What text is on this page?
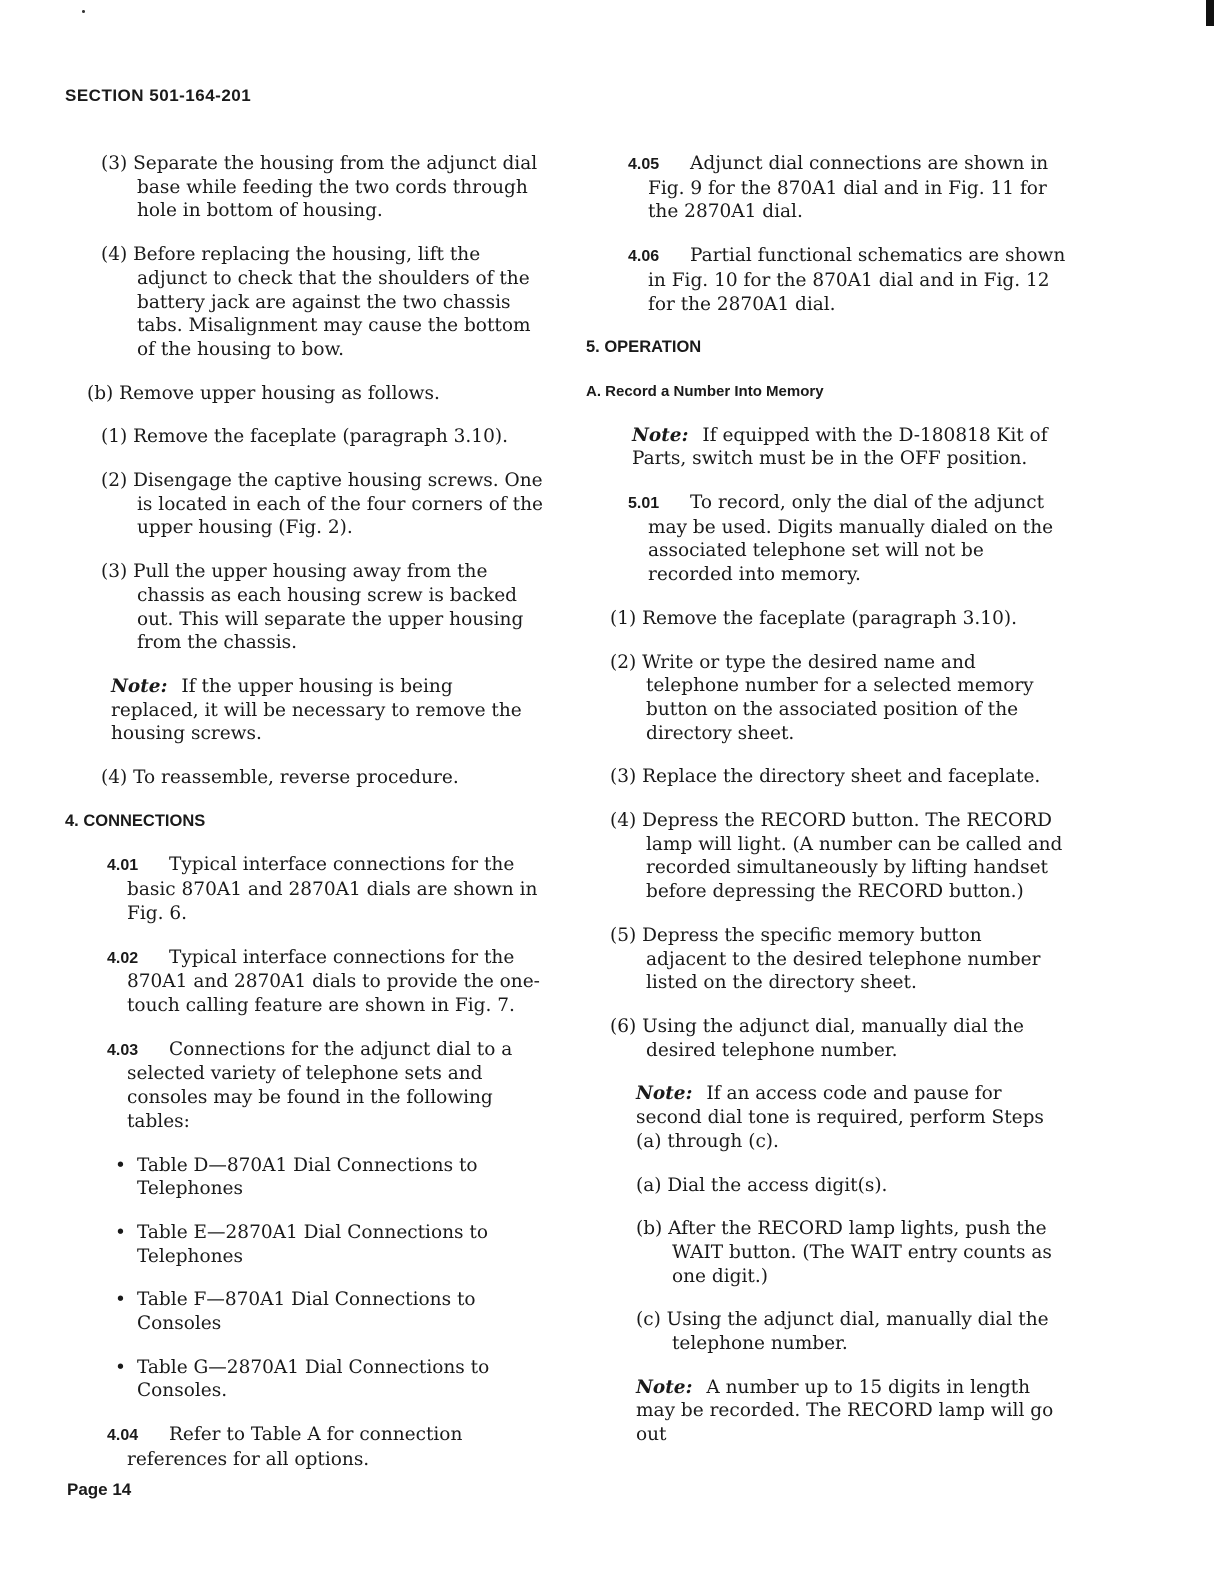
SECTION 501-164-201

(3) Separate the housing from the adjunct dial base while feeding the two cords through hole in bottom of housing.

(4) Before replacing the housing, lift the adjunct to check that the shoulders of the battery jack are against the two chassis tabs. Misalignment may cause the bottom of the housing to bow.

(b) Remove upper housing as follows.

(1) Remove the faceplate (paragraph 3.10).

(2) Disengage the captive housing screws. One is located in each of the four corners of the upper housing (Fig. 2).

(3) Pull the upper housing away from the chassis as each housing screw is backed out. This will separate the upper housing from the chassis.

Note: If the upper housing is being replaced, it will be necessary to remove the housing screws.

(4) To reassemble, reverse procedure.

4. CONNECTIONS

4.01 Typical interface connections for the basic 870A1 and 2870A1 dials are shown in Fig. 6.

4.02 Typical interface connections for the 870A1 and 2870A1 dials to provide the one-touch calling feature are shown in Fig. 7.

4.03 Connections for the adjunct dial to a selected variety of telephone sets and consoles may be found in the following tables:

• Table D—870A1 Dial Connections to Telephones

• Table E—2870A1 Dial Connections to Telephones

• Table F—870A1 Dial Connections to Consoles

• Table G—2870A1 Dial Connections to Consoles.

4.04 Refer to Table A for connection references for all options.

4.05 Adjunct dial connections are shown in Fig. 9 for the 870A1 dial and in Fig. 11 for the 2870A1 dial.

4.06 Partial functional schematics are shown in Fig. 10 for the 870A1 dial and in Fig. 12 for the 2870A1 dial.

5. OPERATION

A. Record a Number Into Memory

Note: If equipped with the D-180818 Kit of Parts, switch must be in the OFF position.

5.01 To record, only the dial of the adjunct may be used. Digits manually dialed on the associated telephone set will not be recorded into memory.

(1) Remove the faceplate (paragraph 3.10).

(2) Write or type the desired name and telephone number for a selected memory button on the associated position of the directory sheet.

(3) Replace the directory sheet and faceplate.

(4) Depress the RECORD button. The RECORD lamp will light. (A number can be called and recorded simultaneously by lifting handset before depressing the RECORD button.)

(5) Depress the specific memory button adjacent to the desired telephone number listed on the directory sheet.

(6) Using the adjunct dial, manually dial the desired telephone number.

Note: If an access code and pause for second dial tone is required, perform Steps (a) through (c).

(a) Dial the access digit(s).

(b) After the RECORD lamp lights, push the WAIT button. (The WAIT entry counts as one digit.)

(c) Using the adjunct dial, manually dial the telephone number.

Note: A number up to 15 digits in length may be recorded. The RECORD lamp will go out

Page 14
